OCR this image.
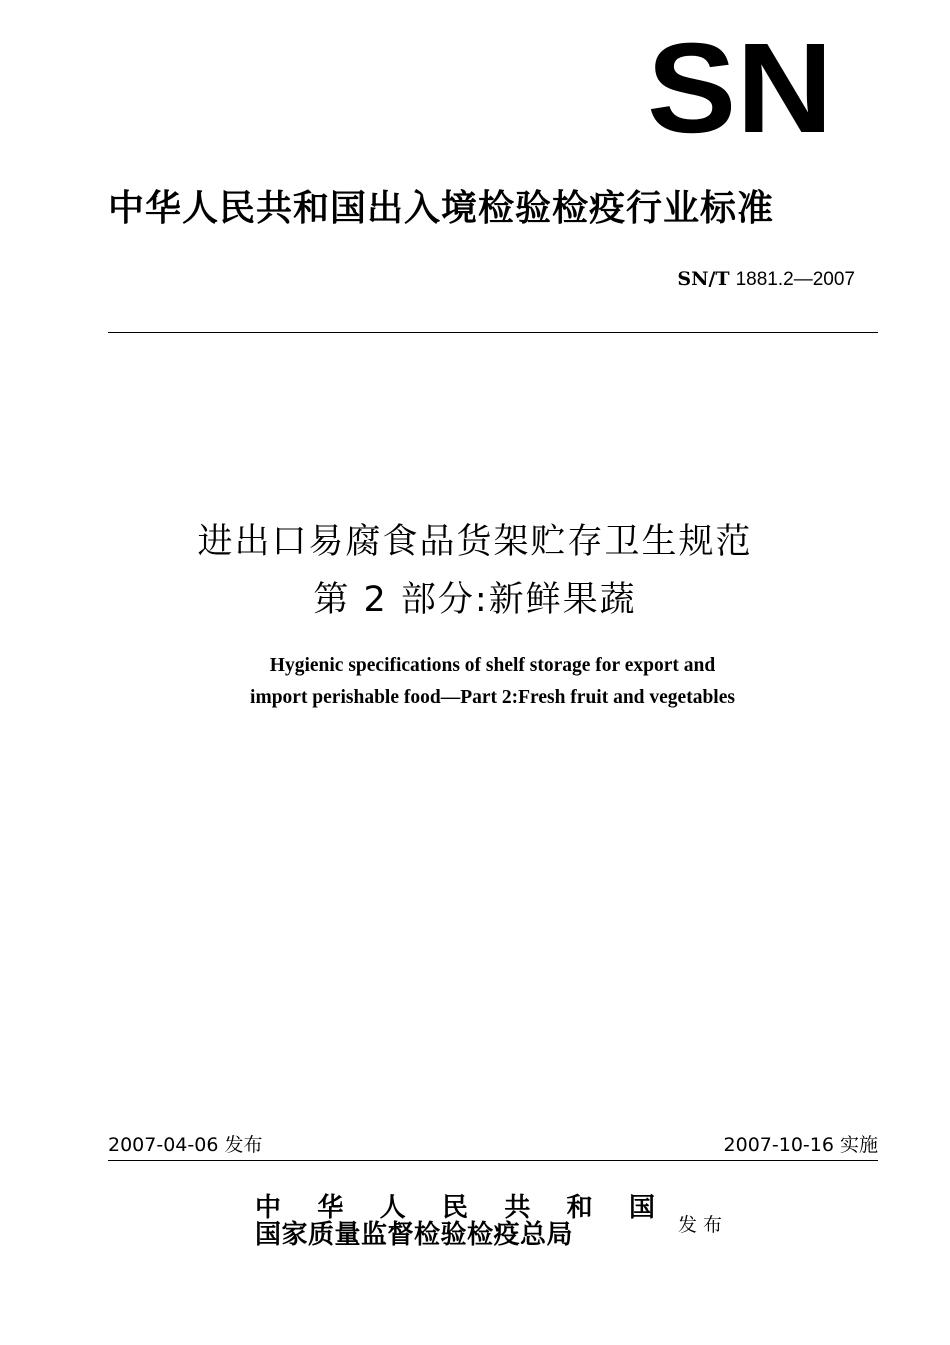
SN
中华人民共和国出入境检验检疫行业标准
SN/T 1881.2—2007
进出口易腐食品货架贮存卫生规范
第 2 部分:新鲜果蔬
Hygienic specifications of shelf storage for export and
import perishable food—Part 2:Fresh fruit and vegetables
2007-04-06 发布	2007-10-16 实施
中 华 人 民 共 和 国
国家质量监督检验检疫总局	发布
